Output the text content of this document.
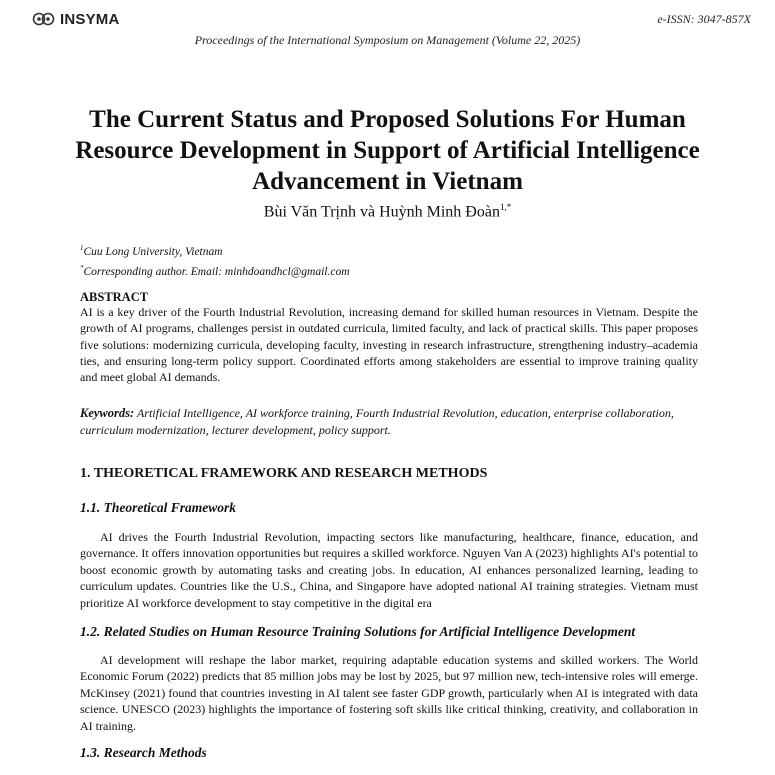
INSYMA	e-ISSN: 3047-857X
Proceedings of the International Symposium on Management (Volume 22, 2025)
The Current Status and Proposed Solutions For Human Resource Development in Support of Artificial Intelligence Advancement in Vietnam
Bùi Văn Trịnh và Huỳnh Minh Đoàn$^{1,*}$
$^1$Cuu Long University, Vietnam
*Corresponding author. Email: minhdoandhcl@gmail.com
ABSTRACT
AI is a key driver of the Fourth Industrial Revolution, increasing demand for skilled human resources in Vietnam. Despite the growth of AI programs, challenges persist in outdated curricula, limited faculty, and lack of practical skills. This paper proposes five solutions: modernizing curricula, developing faculty, investing in research infrastructure, strengthening industry–academia ties, and ensuring long-term policy support. Coordinated efforts among stakeholders are essential to improve training quality and meet global AI demands.
Keywords: Artificial Intelligence, AI workforce training, Fourth Industrial Revolution, education, enterprise collaboration, curriculum modernization, lecturer development, policy support.
1. THEORETICAL FRAMEWORK AND RESEARCH METHODS
1.1. Theoretical Framework
AI drives the Fourth Industrial Revolution, impacting sectors like manufacturing, healthcare, finance, education, and governance. It offers innovation opportunities but requires a skilled workforce. Nguyen Van A (2023) highlights AI's potential to boost economic growth by automating tasks and creating jobs. In education, AI enhances personalized learning, leading to curriculum updates. Countries like the U.S., China, and Singapore have adopted national AI training strategies. Vietnam must prioritize AI workforce development to stay competitive in the digital era
1.2. Related Studies on Human Resource Training Solutions for Artificial Intelligence Development
AI development will reshape the labor market, requiring adaptable education systems and skilled workers. The World Economic Forum (2022) predicts that 85 million jobs may be lost by 2025, but 97 million new, tech-intensive roles will emerge. McKinsey (2021) found that countries investing in AI talent see faster GDP growth, particularly when AI is integrated with data science. UNESCO (2023) highlights the importance of fostering soft skills like critical thinking, creativity, and collaboration in AI training.
1.3. Research Methods
